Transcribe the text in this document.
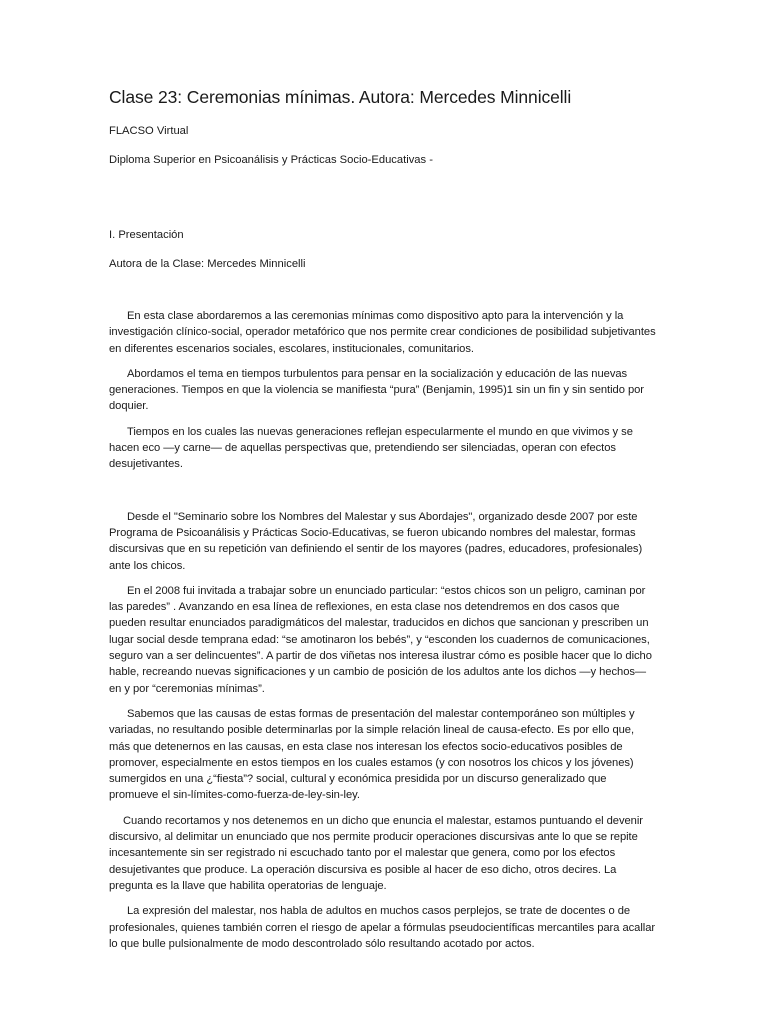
Clase 23: Ceremonias mínimas. Autora: Mercedes Minnicelli

FLACSO Virtual

Diploma Superior en Psicoanálisis y Prácticas Socio-Educativas -

I. Presentación

Autora de la Clase: Mercedes Minnicelli

En esta clase abordaremos a las ceremonias mínimas como dispositivo apto para la intervención y la investigación clínico-social, operador metafórico que nos permite crear condiciones de posibilidad subjetivantes en diferentes escenarios sociales, escolares, institucionales, comunitarios.

Abordamos el tema en tiempos turbulentos para pensar en la socialización y educación de las nuevas generaciones. Tiempos en que la violencia se manifiesta “pura” (Benjamin, 1995)1 sin un fin y sin sentido por doquier.

Tiempos en los cuales las nuevas generaciones reflejan especularmente el mundo en que vivimos y se hacen eco —y carne— de aquellas perspectivas que, pretendiendo ser silenciadas, operan con efectos desujetivantes.

Desde el "Seminario sobre los Nombres del Malestar y sus Abordajes", organizado desde 2007 por este Programa de Psicoanálisis y Prácticas Socio-Educativas, se fueron ubicando nombres del malestar, formas discursivas que en su repetición van definiendo el sentir de los mayores (padres, educadores, profesionales) ante los chicos.

En el 2008 fui invitada a trabajar sobre un enunciado particular: “estos chicos son un peligro, caminan por las paredes” . Avanzando en esa línea de reflexiones, en esta clase nos detendremos en dos casos que pueden resultar enunciados paradigmáticos del malestar, traducidos en dichos que sancionan y prescriben un lugar social desde temprana edad: “se amotinaron los bebés”, y “esconden los cuadernos de comunicaciones, seguro van a ser delincuentes”. A partir de dos viñetas nos interesa ilustrar cómo es posible hacer que lo dicho hable, recreando nuevas significaciones y un cambio de posición de los adultos ante los dichos —y hechos— en y por “ceremonias mínimas”.

Sabemos que las causas de estas formas de presentación del malestar contemporáneo son múltiples y variadas, no resultando posible determinarlas por la simple relación lineal de causa-efecto. Es por ello que, más que detenernos en las causas, en esta clase nos interesan los efectos socio-educativos posibles de promover, especialmente en estos tiempos en los cuales estamos (y con nosotros los chicos y los jóvenes) sumergidos en una ¿“fiesta”? social, cultural y económica presidida por un discurso generalizado que promueve el sin-límites-como-fuerza-de-ley-sin-ley.

Cuando recortamos y nos detenemos en un dicho que enuncia el malestar, estamos puntuando el devenir discursivo, al delimitar un enunciado que nos permite producir operaciones discursivas ante lo que se repite incesantemente sin ser registrado ni escuchado tanto por el malestar que genera, como por los efectos desujetivantes que produce. La operación discursiva es posible al hacer de eso dicho, otros decires. La pregunta es la llave que habilita operatorias de lenguaje.

La expresión del malestar, nos habla de adultos en muchos casos perplejos, se trate de docentes o de profesionales, quienes también corren el riesgo de apelar a fórmulas pseudocientíficas mercantiles para acallar lo que bulle pulsionalmente de modo descontrolado sólo resultando acotado por actos.
